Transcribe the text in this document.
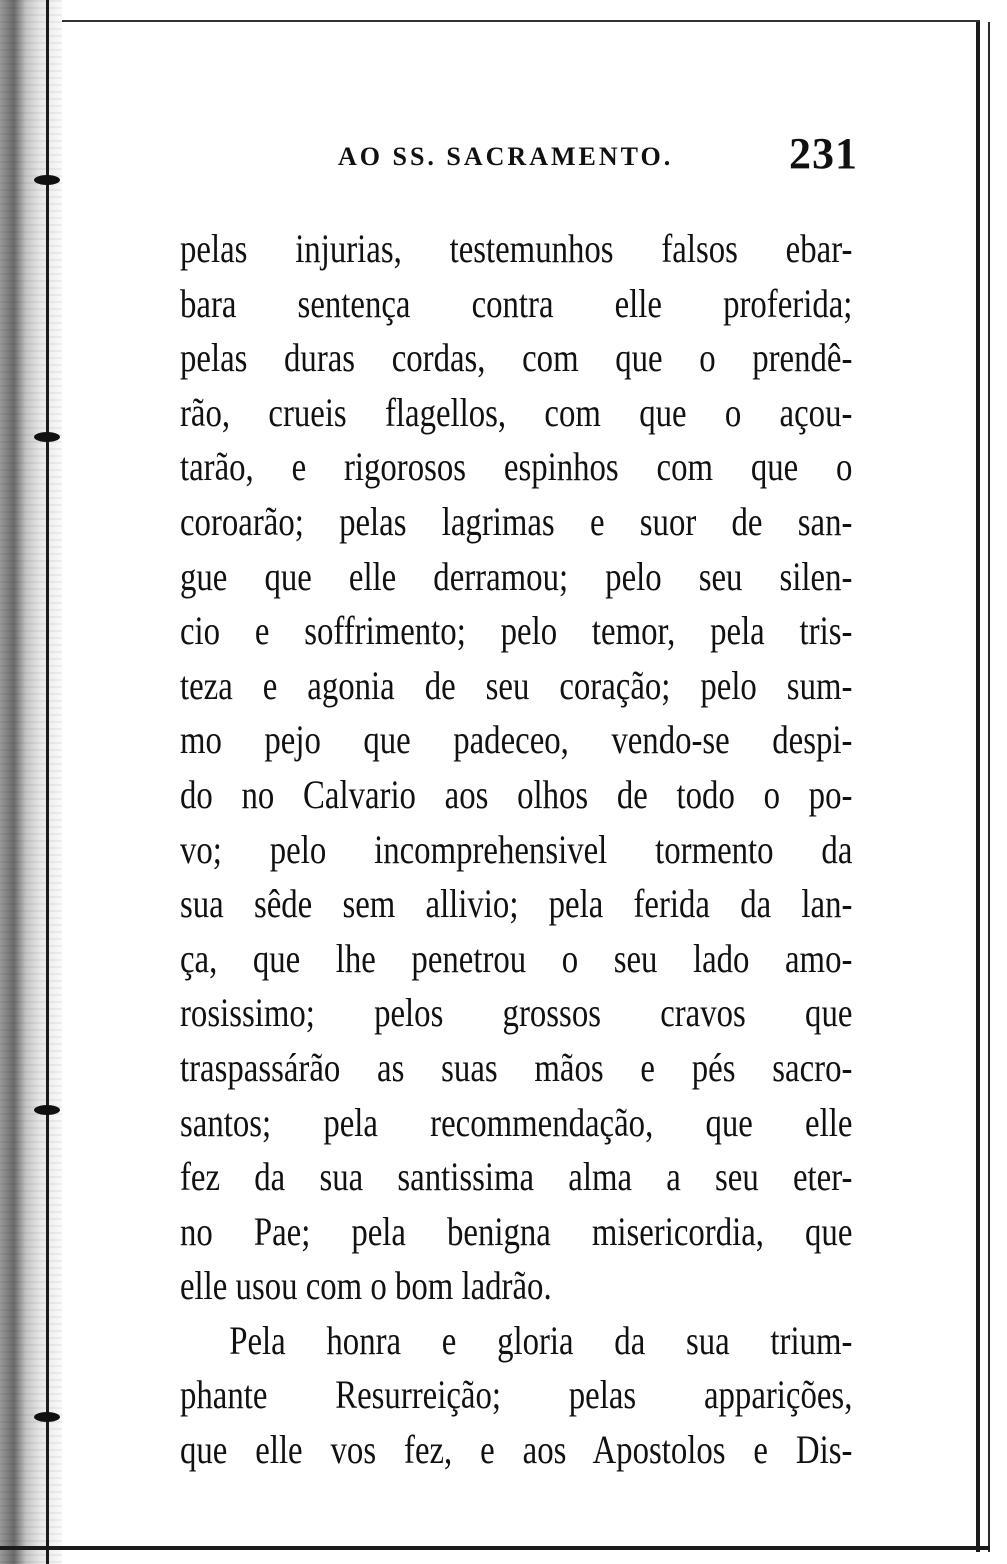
AO SS. SACRAMENTO.	231
pelas injurias, testemunhos falsos ebar-
bara sentença contra elle proferida;
pelas duras cordas, com que o prendê-
rão, crueis flagellos, com que o açou-
tarão, e rigorosos espinhos com que o
coroarão; pelas lagrimas e suor de san-
gue que elle derramou; pelo seu silen-
cio e soffrimento; pelo temor, pela tris-
teza e agonia de seu coração; pelo sum-
mo pejo que padeceo, vendo-se despi-
do no Calvario aos olhos de todo o po-
vo; pelo incomprehensivel tormento da
sua sêde sem allivio; pela ferida da lan-
ça, que lhe penetrou o seu lado amo-
rosissimo; pelos grossos cravos que
traspassárão as suas mãos e pés sacro-
santos; pela recommendação, que elle
fez da sua santissima alma a seu eter-
no Pae; pela benigna misericordia, que
elle usou com o bom ladrão.
Pela honra e gloria da sua trium-
phante Resurreição; pelas apparições,
que elle vos fez, e aos Apostolos e Dis-
